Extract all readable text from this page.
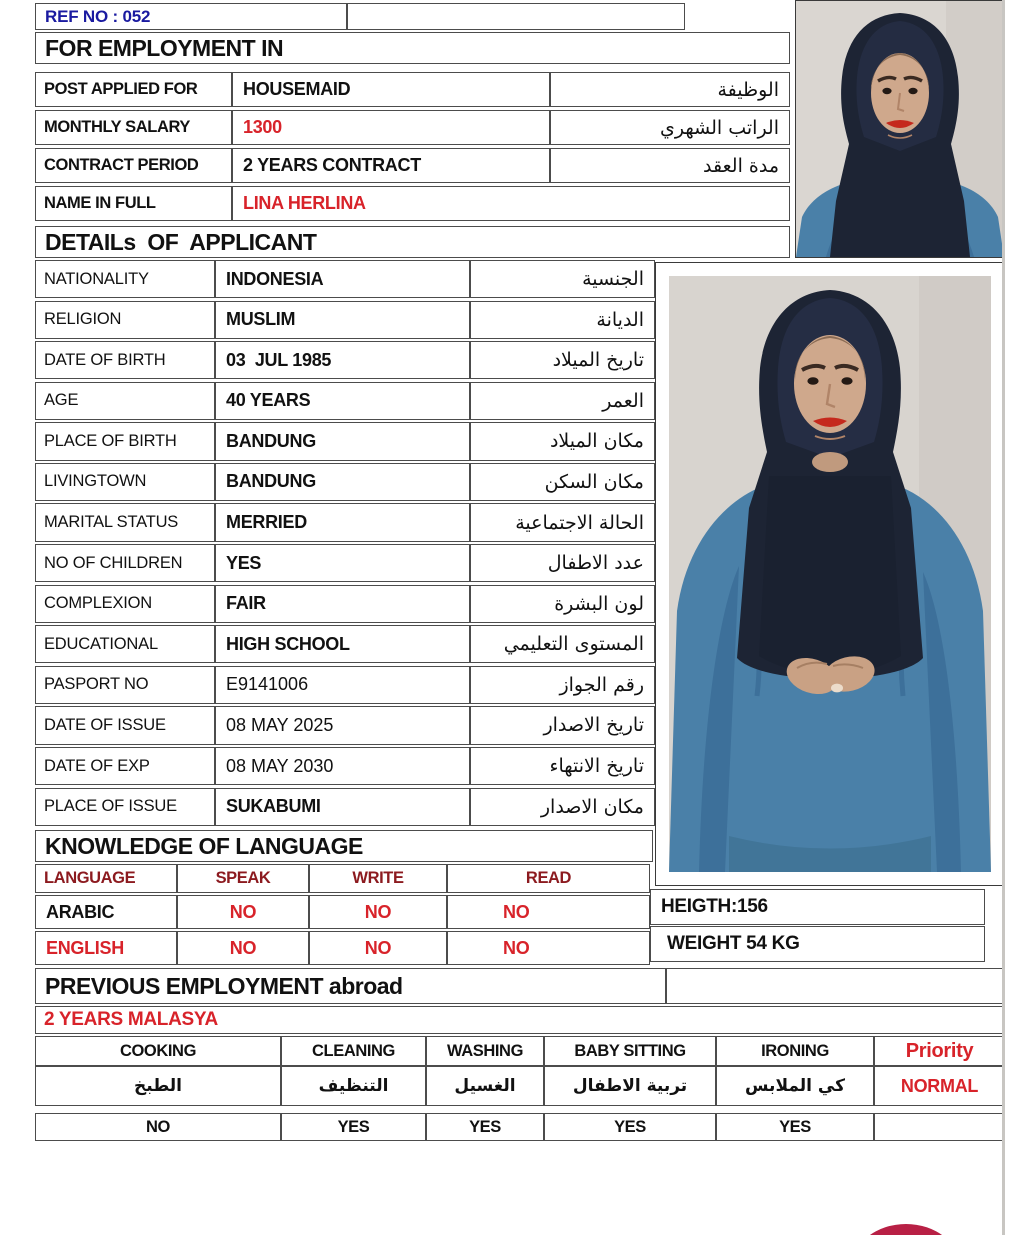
REF NO : 052
FOR EMPLOYMENT IN
POST APPLIED FOR	HOUSEMAID	الوظيفة
MONTHLY SALARY	1300	الراتب الشهري
CONTRACT PERIOD	2 YEARS CONTRACT	مدة العقد
NAME IN FULL	LINA HERLINA
DETAILs  OF  APPLICANT
NATIONALITY	INDONESIA	الجنسية
RELIGION	MUSLIM	الديانة
DATE OF BIRTH	03  JUL 1985	تاريخ الميلاد
AGE	40 YEARS	العمر
PLACE OF BIRTH	BANDUNG	مكان الميلاد
LIVINGTOWN	BANDUNG	مكان السكن
MARITAL STATUS	MERRIED	الحالة الاجتماعية
NO OF CHILDREN	YES	عدد الاطفال
COMPLEXION	FAIR	لون البشرة
EDUCATIONAL	HIGH SCHOOL	المستوى التعليمي
PASPORT NO	E9141006	رقم الجواز
DATE OF ISSUE	08 MAY 2025	تاريخ الاصدار
DATE OF EXP	08 MAY 2030	تاريخ الانتهاء
PLACE OF ISSUE	SUKABUMI	مكان الاصدار
KNOWLEDGE OF LANGUAGE
LANGUAGE	SPEAK	WRITE	READ
ARABIC	NO	NO	NO
ENGLISH	NO	NO	NO
HEIGTH:156
WEIGHT 54 KG
PREVIOUS EMPLOYMENT abroad
2 YEARS MALASYA
COOKING	CLEANING	WASHING	BABY SITTING	IRONING	Priority
الطبخ	التنظيف	الغسيل	تربية الاطفال	كي الملابس	NORMAL
NO	YES	YES	YES	YES
